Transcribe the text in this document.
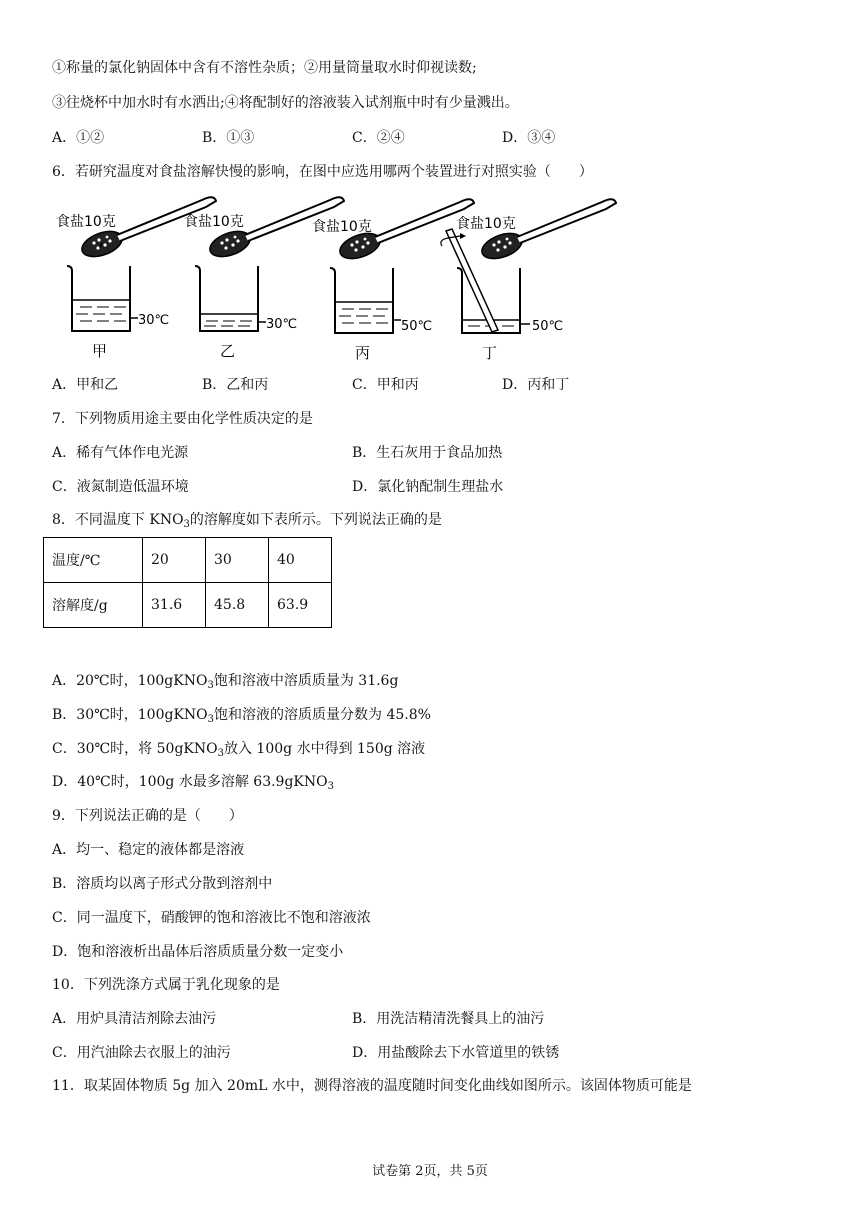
①称量的氯化钠固体中含有不溶性杂质；②用量筒量取水时仰视读数;
③往烧杯中加水时有水洒出;④将配制好的溶液装入试剂瓶中时有少量溅出。
A．①②	B．①③	C．②④	D．③④
6．若研究温度对食盐溶解快慢的影响，在图中应选用哪两个装置进行对照实验（　　）
食盐10克
30℃
甲
食盐10克
30℃
乙
食盐10克
50℃
丙
食盐10克
50℃
丁
A．甲和乙	B．乙和丙	C．甲和丙	D．丙和丁
7．下列物质用途主要由化学性质决定的是
A．稀有气体作电光源	B．生石灰用于食品加热
C．液氮制造低温环境	D．氯化钠配制生理盐水
8．不同温度下 $KNO_3$的溶解度如下表所示。下列说法正确的是
温度/℃	20	30	40
溶解度/g	31.6	45.8	63.9
A．20℃时，100gKNO$_3$饱和溶液中溶质质量为 31.6g
B．30℃时，100gKNO$_3$饱和溶液的溶质质量分数为 45.8%
C．30℃时，将 50gKNO$_3$放入 100g 水中得到 150g 溶液
D．40℃时，100g 水最多溶解 63.9gKNO$_3$
9．下列说法正确的是（　　）
A．均一、稳定的液体都是溶液
B．溶质均以离子形式分散到溶剂中
C．同一温度下，硝酸钾的饱和溶液比不饱和溶液浓
D．饱和溶液析出晶体后溶质质量分数一定变小
10．下列洗涤方式属于乳化现象的是
A．用炉具清洁剂除去油污	B．用洗洁精清洗餐具上的油污
C．用汽油除去衣服上的油污	D．用盐酸除去下水管道里的铁锈
11．取某固体物质 5g 加入 20mL 水中，测得溶液的温度随时间变化曲线如图所示。该固体物质可能是
试卷第 2页，共 5页
